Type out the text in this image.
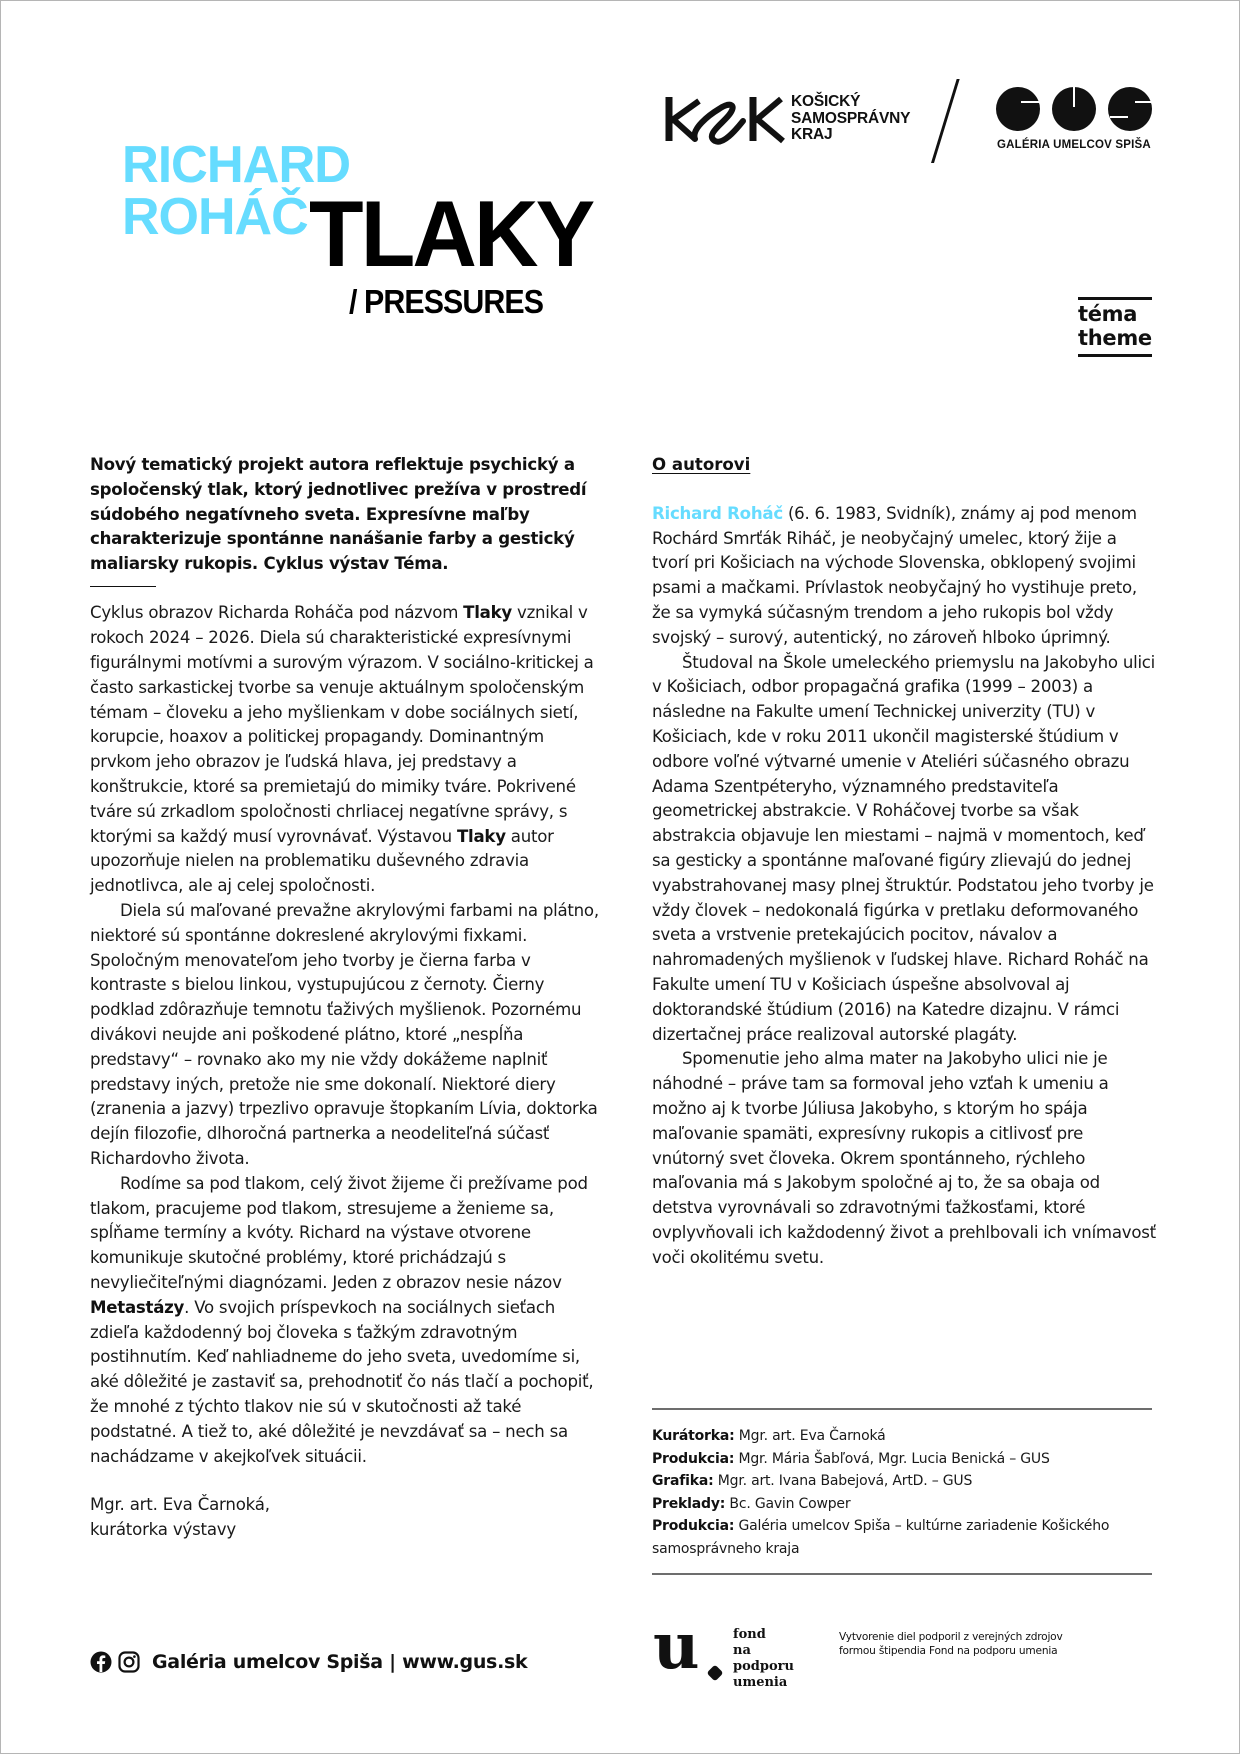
KOŠICKÝ
SAMOSPRÁVNY
KRAJ
GALÉRIA UMELCOV SPIŠA
RICHARD
ROHÁČ TLAKY
/ PRESSURES	téma
theme

Nový tematický projekt autora reflektuje psychický a spoločenský tlak, ktorý jednotlivec prežíva v prostredí súdobého negatívneho sveta. Expresívne maľby charakterizuje spontánne nanášanie farby a gestický maliarsky rukopis. Cyklus výstav Téma.

Cyklus obrazov Richarda Roháča pod názvom Tlaky vznikal v rokoch 2024 – 2026. Diela sú charakteristické expresívnymi figurálnymi motívmi a surovým výrazom. V sociálno-kritickej a často sarkastickej tvorbe sa venuje aktuálnym spoločenským témam – človeku a jeho myšlienkam v dobe sociálnych sietí, korupcie, hoaxov a politickej propagandy. Dominantným prvkom jeho obrazov je ľudská hlava, jej predstavy a konštrukcie, ktoré sa premietajú do mimiky tváre. Pokrivené tváre sú zrkadlom spoločnosti chrliacej negatívne správy, s ktorými sa každý musí vyrovnávať. Výstavou Tlaky autor upozorňuje nielen na problematiku duševného zdravia jednotlivca, ale aj celej spoločnosti.

Diela sú maľované prevažne akrylovými farbami na plátno, niektoré sú spontánne dokreslené akrylovými fixkami. Spoločným menovateľom jeho tvorby je čierna farba v kontraste s bielou linkou, vystupujúcou z černoty. Čierny podklad zdôrazňuje temnotu ťaživých myšlienok. Pozornému divákovi neujde ani poškodené plátno, ktoré „nespĺňa predstavy“ – rovnako ako my nie vždy dokážeme naplniť predstavy iných, pretože nie sme dokonalí. Niektoré diery (zranenia a jazvy) trpezlivo opravuje štopkaním Lívia, doktorka dejín filozofie, dlhoročná partnerka a neodeliteľná súčasť Richardovho života.

Rodíme sa pod tlakom, celý život žijeme či prežívame pod tlakom, pracujeme pod tlakom, stresujeme a ženieme sa, spĺňame termíny a kvóty. Richard na výstave otvorene komunikuje skutočné problémy, ktoré prichádzajú s nevyliečiteľnými diagnózami. Jeden z obrazov nesie názov Metastázy. Vo svojich príspevkoch na sociálnych sieťach zdieľa každodenný boj človeka s ťažkým zdravotným postihnutím. Keď nahliadneme do jeho sveta, uvedomíme si, aké dôležité je zastaviť sa, prehodnotiť čo nás tlačí a pochopiť, že mnohé z týchto tlakov nie sú v skutočnosti až také podstatné. A tiež to, aké dôležité je nevzdávať sa – nech sa nachádzame v akejkoľvek situácii.

Mgr. art. Eva Čarnoká,
kurátorka výstavy
O autorovi

Richard Roháč (6. 6. 1983, Svidník), známy aj pod menom Rochárd Smrťák Riháč, je neobyčajný umelec, ktorý žije a tvorí pri Košiciach na východe Slovenska, obklopený svojimi psami a mačkami. Prívlastok neobyčajný ho vystihuje preto, že sa vymyká súčasným trendom a jeho rukopis bol vždy svojský – surový, autentický, no zároveň hlboko úprimný.

Študoval na Škole umeleckého priemyslu na Jakobyho ulici v Košiciach, odbor propagačná grafika (1999 – 2003) a následne na Fakulte umení Technickej univerzity (TU) v Košiciach, kde v roku 2011 ukončil magisterské štúdium v odbore voľné výtvarné umenie v Ateliéri súčasného obrazu Adama Szentpéteryho, významného predstaviteľa geometrickej abstrakcie. V Roháčovej tvorbe sa však abstrakcia objavuje len miestami – najmä v momentoch, keď sa gesticky a spontánne maľované figúry zlievajú do jednej vyabstrahovanej masy plnej štruktúr. Podstatou jeho tvorby je vždy človek – nedokonalá figúrka v pretlaku deformovaného sveta a vrstvenie pretekajúcich pocitov, návalov a nahromadených myšlienok v ľudskej hlave. Richard Roháč na Fakulte umení TU v Košiciach úspešne absolvoval aj doktorandské štúdium (2016) na Katedre dizajnu. V rámci dizertačnej práce realizoval autorské plagáty.

Spomenutie jeho alma mater na Jakobyho ulici nie je náhodné – práve tam sa formoval jeho vzťah k umeniu a možno aj k tvorbe Júliusa Jakobyho, s ktorým ho spája maľovanie spamäti, expresívny rukopis a citlivosť pre vnútorný svet človeka. Okrem spontánneho, rýchleho maľovania má s Jakobym spoločné aj to, že sa obaja od detstva vyrovnávali so zdravotnými ťažkosťami, ktoré ovplyvňovali ich každodenný život a prehlbovali ich vnímavosť voči okolitému svetu.

Kurátorka: Mgr. art. Eva Čarnoká
Produkcia: Mgr. Mária Šabľová, Mgr. Lucia Benická – GUS
Grafika: Mgr. art. Ivana Babejová, ArtD. – GUS
Preklady: Bc. Gavin Cowper
Produkcia: Galéria umelcov Spiša – kultúrne zariadenie Košického samosprávneho kraja
Galéria umelcov Spiša | www.gus.sk u	fond
na podporu
umenia
Vytvorenie diel podporil z verejných zdrojov
formou štipendia Fond na podporu umenia
